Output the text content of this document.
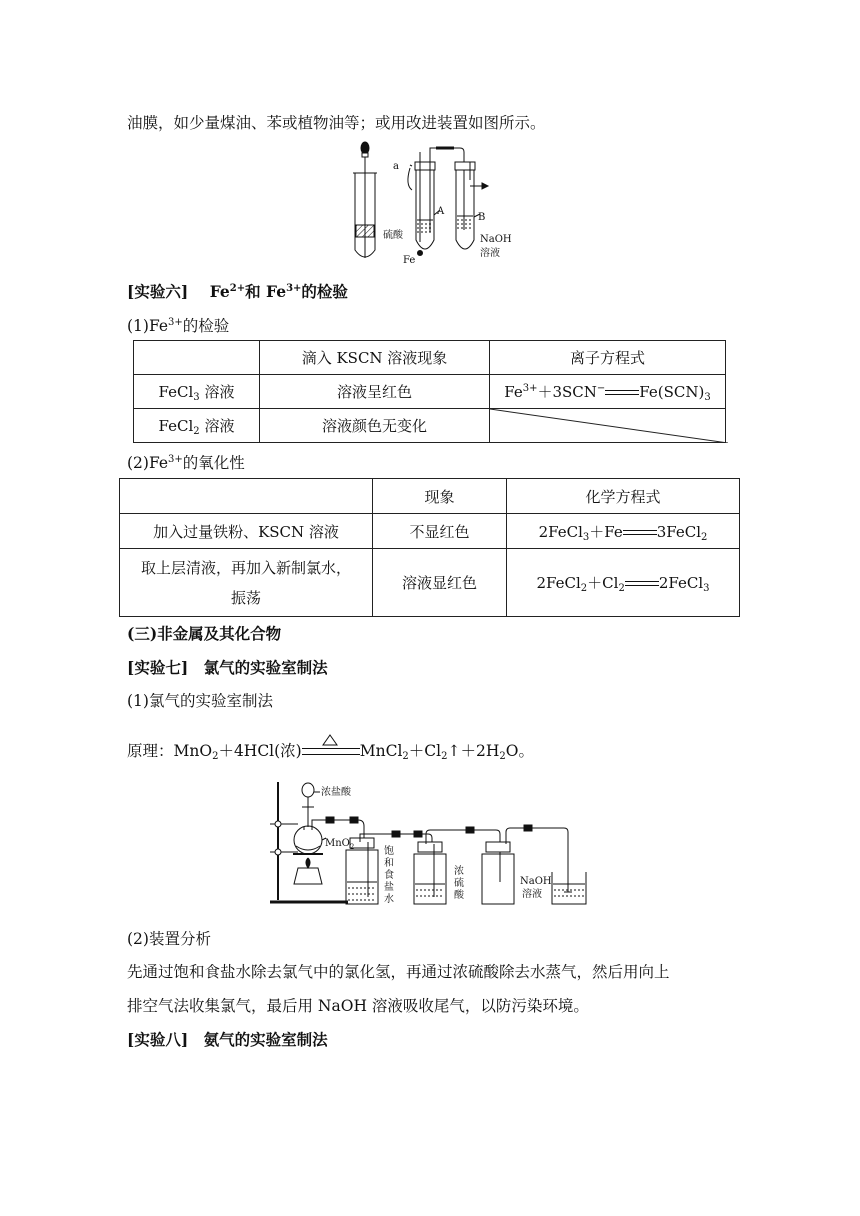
油膜，如少量煤油、苯或植物油等；或用改进装置如图所示。
a
A
B
硫酸
Fe
NaOH
溶液
[实验六] $Fe^{2+}$和 $Fe^{3+}$的检验
$(1)Fe^{3+}$的检验
	滴入 KSCN 溶液现象	离子方程式
FeCl$_3$ 溶液	溶液呈红色	$Fe^{3+}+3SCN^-$ $Fe(SCN)_3$
FeCl$_2$ 溶液	溶液颜色无变化	
$(2)Fe^{3+}$的氧化性
	现象	化学方程式
加入过量铁粉、KSCN 溶液	不显红色	2FeCl$_3$＋Fe 3FeCl$_2$
取上层清液，再加入新制氯水，
振荡	溶液显红色	$2FeCl_2+Cl_2$ 2FeCl$_3$
(三)非金属及其化合物
[实验七]　氯气的实验室制法
(1)氯气的实验室制法
原理：MnO$_2$＋4HCl(浓)	$MnCl_2+Cl_2↑+2H_2O$。
浓盐酸
MnO$_2$	饱
和
食
盐
水
浓
硫
酸
NaOH
溶液
(2)装置分析
先通过饱和食盐水除去氯气中的氯化氢，再通过浓硫酸除去水蒸气，然后用向上
排空气法收集氯气，最后用 NaOH 溶液吸收尾气，以防污染环境。
[实验八]　氨气的实验室制法
